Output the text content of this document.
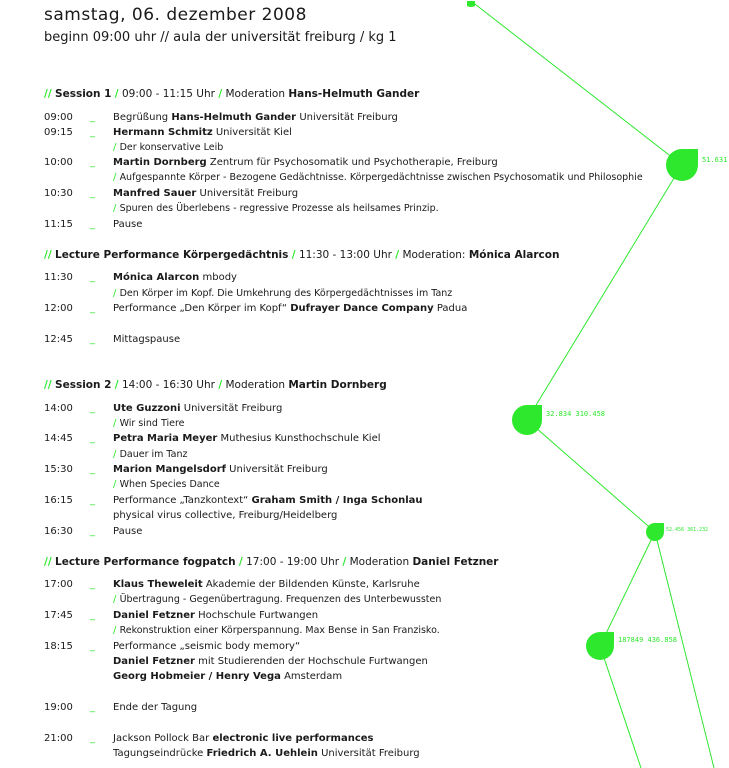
51.631
32.834 310.458
52.456 361.232
187849 436.858
samstag, 06. dezember 2008
beginn 09:00 uhr // aula der universität freiburg / kg 1
// Session 1 / 09:00 - 11:15 Uhr / Moderation Hans-Helmuth Gander
// Lecture Performance Körpergedächtnis / 11:30 - 13:00 Uhr / Moderation: Mónica Alarcon
// Session 2 / 14:00 - 16:30 Uhr / Moderation Martin Dornberg
// Lecture Performance fogpatch / 17:00 - 19:00 Uhr / Moderation Daniel Fetzner
09:00 _ Begrüßung Hans-Helmuth Gander Universität Freiburg
09:15 _ Hermann Schmitz Universität Kiel
/ Der konservative Leib
10:00 _ Martin Dornberg Zentrum für Psychosomatik und Psychotherapie, Freiburg
/ Aufgespannte Körper - Bezogene Gedächtnisse. Körpergedächtnisse zwischen Psychosomatik und Philosophie
10:30 _ Manfred Sauer Universität Freiburg
/ Spuren des Überlebens - regressive Prozesse als heilsames Prinzip.
11:15 _ Pause
11:30 _ Mónica Alarcon mbody
/ Den Körper im Kopf. Die Umkehrung des Körpergedächtnisses im Tanz
12:00 _ Performance „Den Körper im Kopf“ Dufrayer Dance Company Padua
12:45 _ Mittagspause
14:00 _ Ute Guzzoni Universität Freiburg
/ Wir sind Tiere
14:45 _ Petra Maria Meyer Muthesius Kunsthochschule Kiel
/ Dauer im Tanz
15:30 _ Marion Mangelsdorf Universität Freiburg
/ When Species Dance
16:15 _ Performance „Tanzkontext“ Graham Smith / Inga Schonlau
physical virus collective, Freiburg/Heidelberg
16:30 _ Pause
17:00 _ Klaus Theweleit Akademie der Bildenden Künste, Karlsruhe
/ Übertragung - Gegenübertragung. Frequenzen des Unterbewussten
17:45 _ Daniel Fetzner Hochschule Furtwangen
/ Rekonstruktion einer Körperspannung. Max Bense in San Franzisko.
18:15 _ Performance „seismic body memory“
Daniel Fetzner mit Studierenden der Hochschule Furtwangen
Georg Hobmeier / Henry Vega Amsterdam
19:00 _ Ende der Tagung
21:00 _ Jackson Pollock Bar electronic live performances
Tagungseindrücke Friedrich A. Uehlein Universität Freiburg
